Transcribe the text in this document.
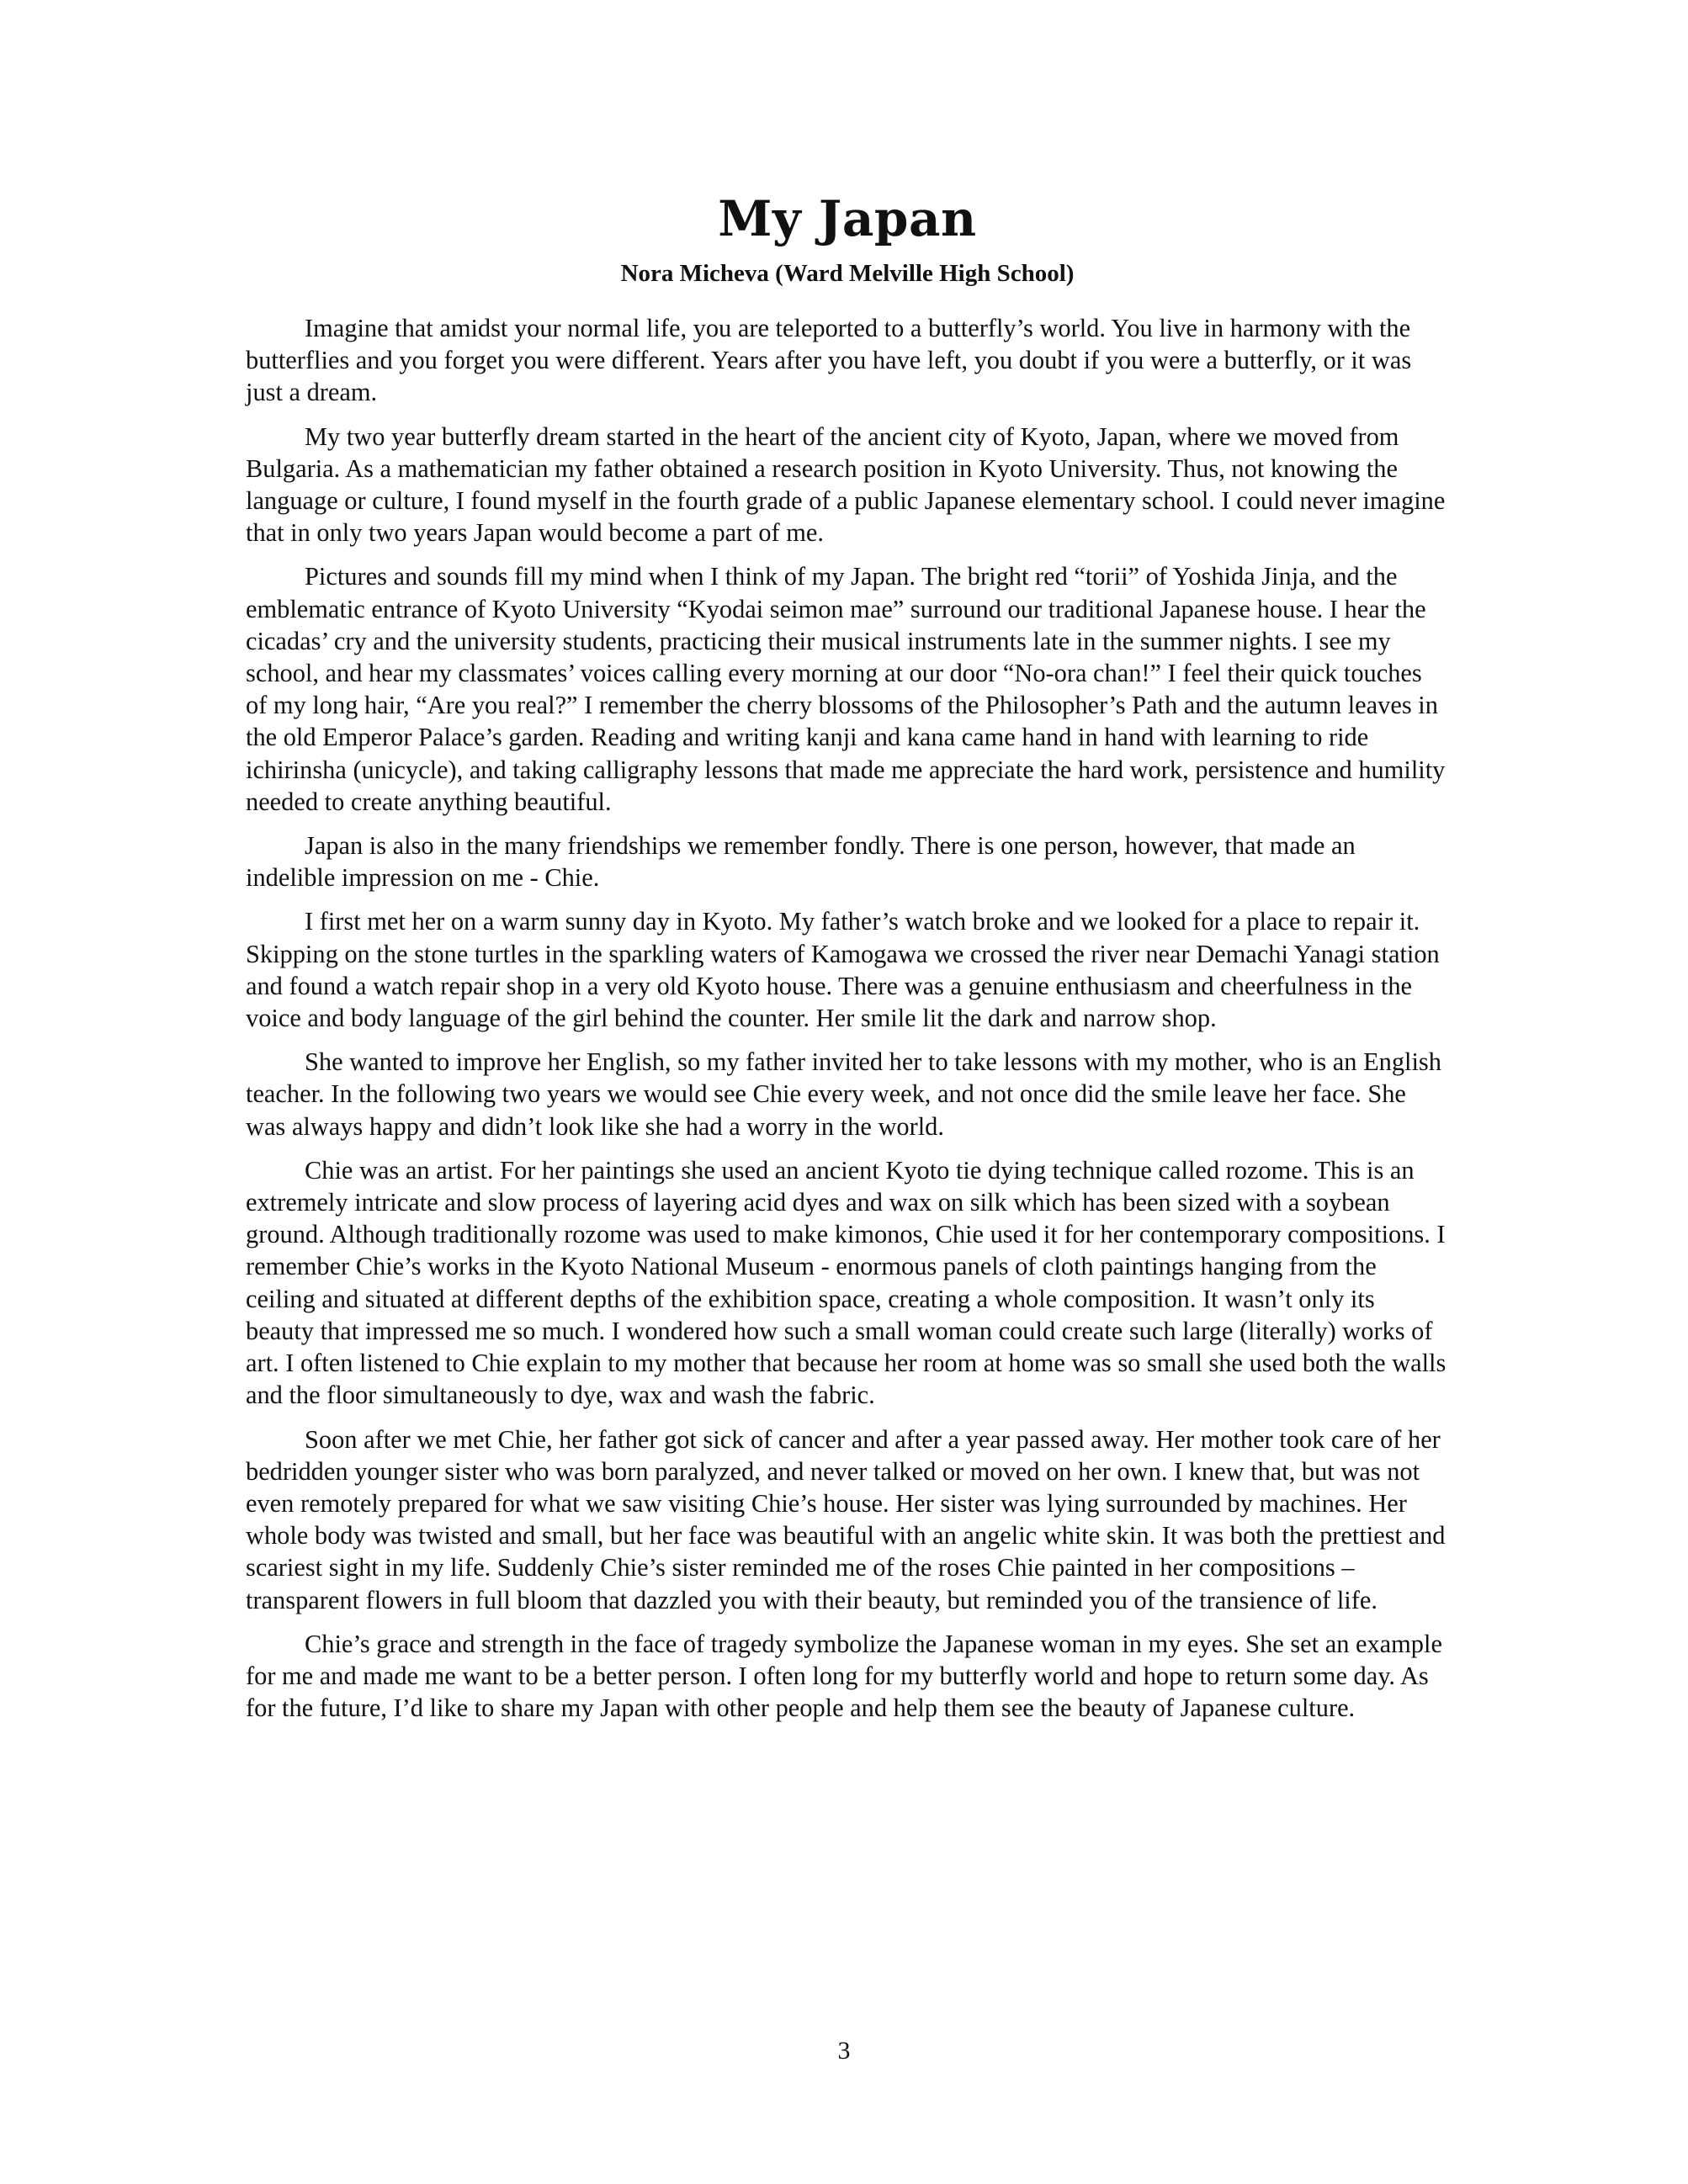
My Japan
Nora Micheva (Ward Melville High School)

Imagine that amidst your normal life, you are teleported to a butterfly’s world. You live in harmony with the butterflies and you forget you were different. Years after you have left, you doubt if you were a butterfly, or it was just a dream.

My two year butterfly dream started in the heart of the ancient city of Kyoto, Japan, where we moved from Bulgaria. As a mathematician my father obtained a research position in Kyoto University. Thus, not knowing the language or culture, I found myself in the fourth grade of a public Japanese elementary school. I could never imagine that in only two years Japan would become a part of me.

Pictures and sounds fill my mind when I think of my Japan. The bright red “torii” of Yoshida Jinja, and the emblematic entrance of Kyoto University “Kyodai seimon mae” surround our traditional Japanese house. I hear the cicadas’ cry and the university students, practicing their musical instruments late in the summer nights. I see my school, and hear my classmates’ voices calling every morning at our door “No-ora chan!” I feel their quick touches of my long hair, “Are you real?” I remember the cherry blossoms of the Philosopher’s Path and the autumn leaves in the old Emperor Palace’s garden. Reading and writing kanji and kana came hand in hand with learning to ride ichirinsha (unicycle), and taking calligraphy lessons that made me appreciate the hard work, persistence and humility needed to create anything beautiful.

Japan is also in the many friendships we remember fondly. There is one person, however, that made an indelible impression on me - Chie.

I first met her on a warm sunny day in Kyoto. My father’s watch broke and we looked for a place to repair it. Skipping on the stone turtles in the sparkling waters of Kamogawa we crossed the river near Demachi Yanagi station and found a watch repair shop in a very old Kyoto house. There was a genuine enthusiasm and cheerfulness in the voice and body language of the girl behind the counter. Her smile lit the dark and narrow shop.

She wanted to improve her English, so my father invited her to take lessons with my mother, who is an English teacher. In the following two years we would see Chie every week, and not once did the smile leave her face. She was always happy and didn’t look like she had a worry in the world.

Chie was an artist. For her paintings she used an ancient Kyoto tie dying technique called rozome. This is an extremely intricate and slow process of layering acid dyes and wax on silk which has been sized with a soybean ground. Although traditionally rozome was used to make kimonos, Chie used it for her contemporary compositions. I remember Chie’s works in the Kyoto National Museum - enormous panels of cloth paintings hanging from the ceiling and situated at different depths of the exhibition space, creating a whole composition. It wasn’t only its beauty that impressed me so much. I wondered how such a small woman could create such large (literally) works of art. I often listened to Chie explain to my mother that because her room at home was so small she used both the walls and the floor simultaneously to dye, wax and wash the fabric.

Soon after we met Chie, her father got sick of cancer and after a year passed away. Her mother took care of her bedridden younger sister who was born paralyzed, and never talked or moved on her own. I knew that, but was not even remotely prepared for what we saw visiting Chie’s house. Her sister was lying surrounded by machines. Her whole body was twisted and small, but her face was beautiful with an angelic white skin. It was both the prettiest and scariest sight in my life. Suddenly Chie’s sister reminded me of the roses Chie painted in her compositions – transparent flowers in full bloom that dazzled you with their beauty, but reminded you of the transience of life.

Chie’s grace and strength in the face of tragedy symbolize the Japanese woman in my eyes. She set an example for me and made me want to be a better person. I often long for my butterfly world and hope to return some day. As for the future, I’d like to share my Japan with other people and help them see the beauty of Japanese culture.

3
